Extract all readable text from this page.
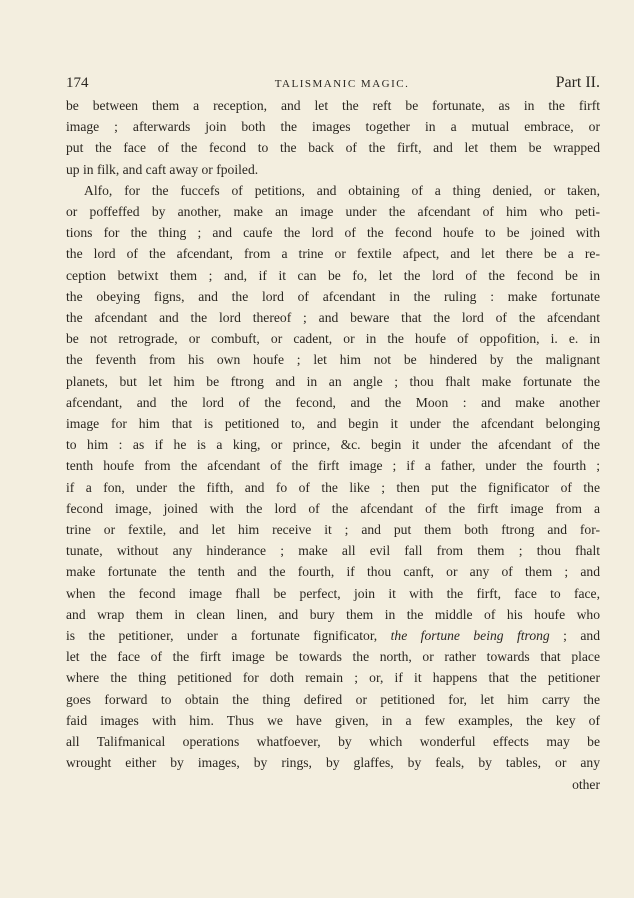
174	TALISMANIC MAGIC.	Part II.
be between them a reception, and let the reft be fortunate, as in the firft
image ; afterwards join both the images together in a mutual embrace, or
put the face of the fecond to the back of the firft, and let them be wrapped
up in filk, and caft away or fpoiled.
Alfo, for the fuccefs of petitions, and obtaining of a thing denied, or taken,
or poffeffed by another, make an image under the afcendant of him who peti-
tions for the thing ; and caufe the lord of the fecond houfe to be joined with
the lord of the afcendant, from a trine or fextile afpect, and let there be a re-
ception betwixt them ; and, if it can be fo, let the lord of the fecond be in
the obeying figns, and the lord of afcendant in the ruling : make fortunate
the afcendant and the lord thereof ; and beware that the lord of the afcendant
be not retrograde, or combuft, or cadent, or in the houfe of oppofition, i. e. in
the feventh from his own houfe ; let him not be hindered by the malignant
planets, but let him be ftrong and in an angle ; thou fhalt make fortunate the
afcendant, and the lord of the fecond, and the Moon : and make another
image for him that is petitioned to, and begin it under the afcendant belonging
to him : as if he is a king, or prince, &c. begin it under the afcendant of the
tenth houfe from the afcendant of the firft image ; if a father, under the fourth ;
if a fon, under the fifth, and fo of the like ; then put the fignificator of the
fecond image, joined with the lord of the afcendant of the firft image from a
trine or fextile, and let him receive it ; and put them both ftrong and for-
tunate, without any hinderance ; make all evil fall from them ; thou fhalt
make fortunate the tenth and the fourth, if thou canft, or any of them ; and
when the fecond image fhall be perfect, join it with the firft, face to face,
and wrap them in clean linen, and bury them in the middle of his houfe who
is the petitioner, under a fortunate fignificator, the fortune being ftrong ; and
let the face of the firft image be towards the north, or rather towards that place
where the thing petitioned for doth remain ; or, if it happens that the petitioner
goes forward to obtain the thing defired or petitioned for, let him carry the
faid images with him. Thus we have given, in a few examples, the key of
all Talifmanical operations whatfoever, by which wonderful effects may be
wrought either by images, by rings, by glaffes, by feals, by tables, or any
other
